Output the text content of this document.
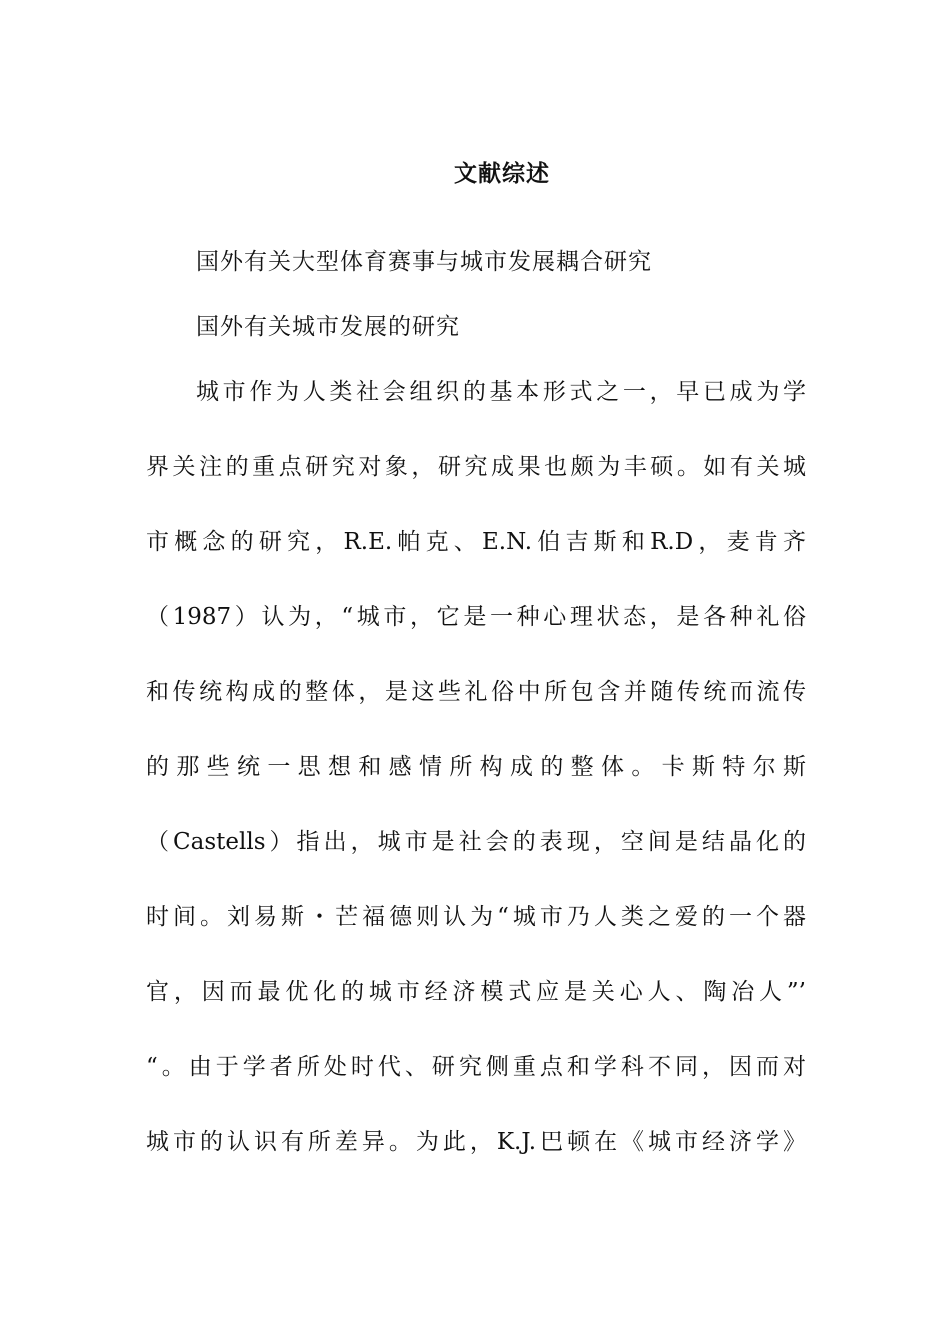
文献综述
国外有关大型体育赛事与城市发展耦合研究
国外有关城市发展的研究
城市作为人类社会组织的基本形式之一，早已成为学
界关注的重点研究对象，研究成果也颇为丰硕。如有关城
市概念的研究，R.E.帕克、E.N.伯吉斯和R.D，麦肯齐
（1987）认为，“城市，它是一种心理状态，是各种礼俗
和传统构成的整体，是这些礼俗中所包含并随传统而流传
的那些统一思想和感情所构成的整体。卡斯特尔斯
（Castells）指出，城市是社会的表现，空间是结晶化的
时间。刘易斯・芒福德则认为“城市乃人类之爱的一个器
官，因而最优化的城市经济模式应是关心人、陶冶人”’
“。由于学者所处时代、研究侧重点和学科不同，因而对
城市的认识有所差异。为此，K.J.巴顿在《城市经济学》
